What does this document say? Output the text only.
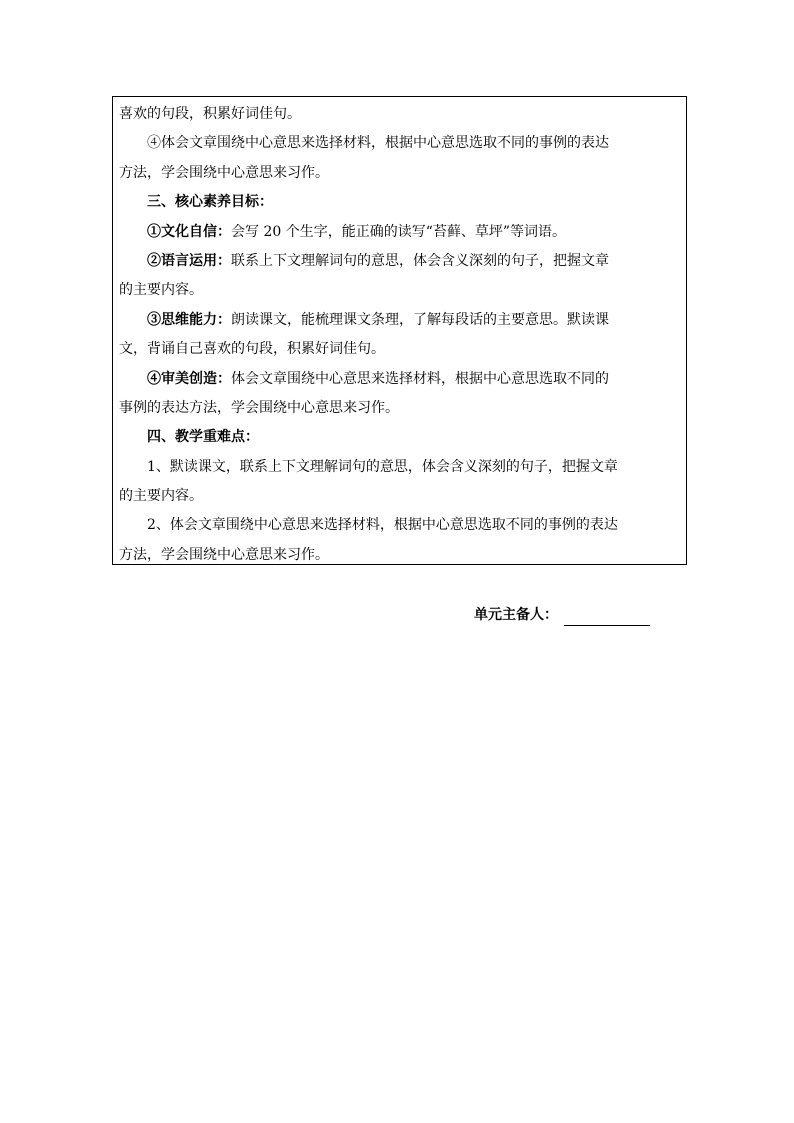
喜欢的句段，积累好词佳句。
④体会文章围绕中心意思来选择材料，根据中心意思选取不同的事例的表达
方法，学会围绕中心意思来习作。
三、核心素养目标：
①文化自信：会写 20 个生字，能正确的读写“苔藓、草坪”等词语。
②语言运用：联系上下文理解词句的意思，体会含义深刻的句子，把握文章
的主要内容。
③思维能力：朗读课文，能梳理课文条理，了解每段话的主要意思。默读课
文，背诵自己喜欢的句段，积累好词佳句。
④审美创造：体会文章围绕中心意思来选择材料，根据中心意思选取不同的
事例的表达方法，学会围绕中心意思来习作。
四、教学重难点：
1、默读课文，联系上下文理解词句的意思，体会含义深刻的句子，把握文章
的主要内容。
2、体会文章围绕中心意思来选择材料，根据中心意思选取不同的事例的表达
方法，学会围绕中心意思来习作。
单元主备人：
